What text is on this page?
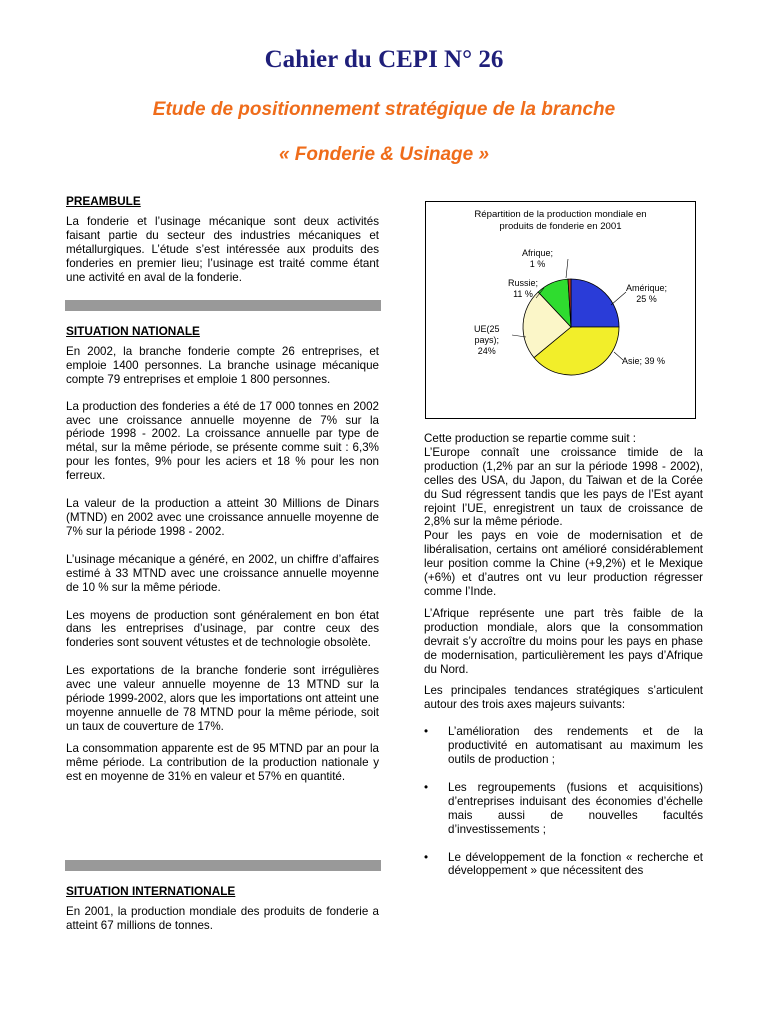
Cahier du CEPI N° 26
Etude de positionnement stratégique de la branche
« Fonderie & Usinage »
PREAMBULE

La fonderie et l’usinage mécanique sont deux activités faisant partie du secteur des industries mécaniques et métallurgiques. L’étude s’est intéressée aux produits des fonderies en premier lieu; l’usinage est traité comme étant une activité en aval de la fonderie.

SITUATION NATIONALE

En 2002, la branche fonderie compte 26 entreprises, et emploie 1400 personnes. La branche usinage mécanique compte 79 entreprises et emploie 1 800 personnes.

La production des fonderies a été de 17 000 tonnes en 2002 avec une croissance annuelle moyenne de 7% sur la période 1998 - 2002. La croissance annuelle par type de métal, sur la même période, se présente comme suit : 6,3% pour les fontes, 9% pour les aciers et 18 % pour les non ferreux.

La valeur de la production a atteint 30 Millions de Dinars (MTND) en 2002 avec une croissance annuelle moyenne de 7% sur la période 1998 - 2002.

L’usinage mécanique a généré, en 2002, un chiffre d’affaires estimé à 33 MTND avec une croissance annuelle moyenne de 10 % sur la même période.

Les moyens de production sont généralement en bon état dans les entreprises d’usinage, par contre ceux des fonderies sont souvent vétustes et de technologie obsolète.

Les exportations de la branche fonderie sont irrégulières avec une valeur annuelle moyenne de 13 MTND sur la période 1999-2002, alors que les importations ont atteint une moyenne annuelle de 78 MTND pour la même période, soit un taux de couverture de 17%.

La consommation apparente est de 95 MTND par an pour la même période. La contribution de la production nationale y est en moyenne de 31% en valeur et 57% en quantité.

SITUATION INTERNATIONALE

En 2001, la production mondiale des produits de fonderie a atteint 67 millions de tonnes.

Répartition de la production mondiale en
produits de fonderie en 2001
Afrique;
1 %
Russie;
11 %
Amérique;
25 %
UE(25
pays);
24%
Asie; 39 %

Cette production se repartie comme suit :

L’Europe connaît une croissance timide de la production (1,2% par an sur la période 1998 - 2002), celles des USA, du Japon, du Taiwan et de la Corée du Sud régressent tandis que les pays de l’Est ayant rejoint l’UE, enregistrent un taux de croissance de 2,8% sur la même période.

Pour les pays en voie de modernisation et de libéralisation, certains ont amélioré considérablement leur position comme la Chine (+9,2%) et le Mexique (+6%) et d’autres ont vu leur production régresser comme l’Inde.

L’Afrique représente une part très faible de la production mondiale, alors que la consommation devrait s’y accroître du moins pour les pays en phase de modernisation, particulièrement les pays d’Afrique du Nord.

Les principales tendances stratégiques s’articulent autour des trois axes majeurs suivants:

• L’amélioration des rendements et de la productivité en automatisant au maximum les outils de production ;
• Les regroupements (fusions et acquisitions) d’entreprises induisant des économies d’échelle mais aussi de nouvelles facultés d’investissements ;
• Le développement de la fonction « recherche et développement » que nécessitent des
